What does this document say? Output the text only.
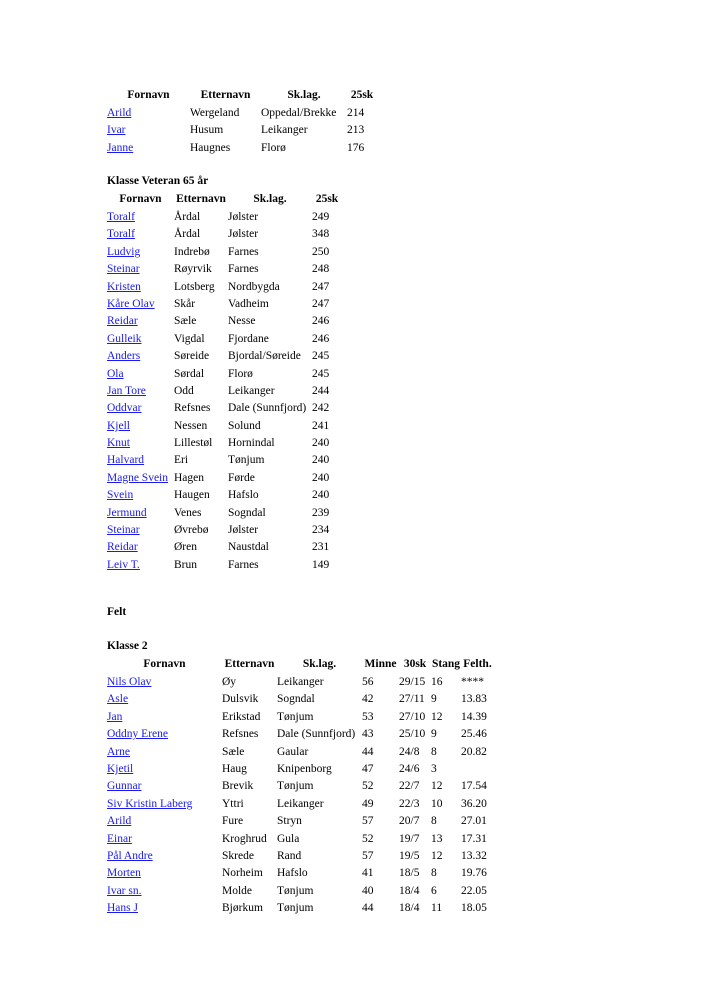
Fornavn	Etternavn	Sk.lag.	25sk
Arild	Wergeland	Oppedal/Brekke	214
Ivar	Husum	Leikanger	213
Janne	Haugnes	Florø	176
Klasse Veteran 65 år
Fornavn	Etternavn	Sk.lag.	25sk
Toralf	Årdal	Jølster	249
Toralf	Årdal	Jølster	348
Ludvig	Indrebø	Farnes	250
Steinar	Røyrvik	Farnes	248
Kristen	Lotsberg	Nordbygda	247
Kåre Olav	Skår	Vadheim	247
Reidar	Sæle	Nesse	246
Gulleik	Vigdal	Fjordane	246
Anders	Søreide	Bjordal/Søreide	245
Ola	Sørdal	Florø	245
Jan Tore	Odd	Leikanger	244
Oddvar	Refsnes	Dale (Sunnfjord)	242
Kjell	Nessen	Solund	241
Knut	Lillestøl	Hornindal	240
Halvard	Eri	Tønjum	240
Magne Svein	Hagen	Førde	240
Svein	Haugen	Hafslo	240
Jermund	Venes	Sogndal	239
Steinar	Øvrebø	Jølster	234
Reidar	Øren	Naustdal	231
Leiv T.	Brun	Farnes	149
Felt
Klasse 2
Fornavn	Etternavn	Sk.lag.	Minne	30sk	Stang	Felth.
Nils Olav	Øy	Leikanger	56	29/15	16	****
Asle	Dulsvik	Sogndal	42	27/11	9	13.83
Jan	Erikstad	Tønjum	53	27/10	12	14.39
Oddny Erene	Refsnes	Dale (Sunnfjord)	43	25/10	9	25.46
Arne	Sæle	Gaular	44	24/8	8	20.82
Kjetil	Haug	Knipenborg	47	24/6	3	
Gunnar	Brevik	Tønjum	52	22/7	12	17.54
Siv Kristin Laberg	Yttri	Leikanger	49	22/3	10	36.20
Arild	Fure	Stryn	57	20/7	8	27.01
Einar	Kroghrud	Gula	52	19/7	13	17.31
Pål Andre	Skrede	Rand	57	19/5	12	13.32
Morten	Norheim	Hafslo	41	18/5	8	19.76
Ivar sn.	Molde	Tønjum	40	18/4	6	22.05
Hans J	Bjørkum	Tønjum	44	18/4	11	18.05
